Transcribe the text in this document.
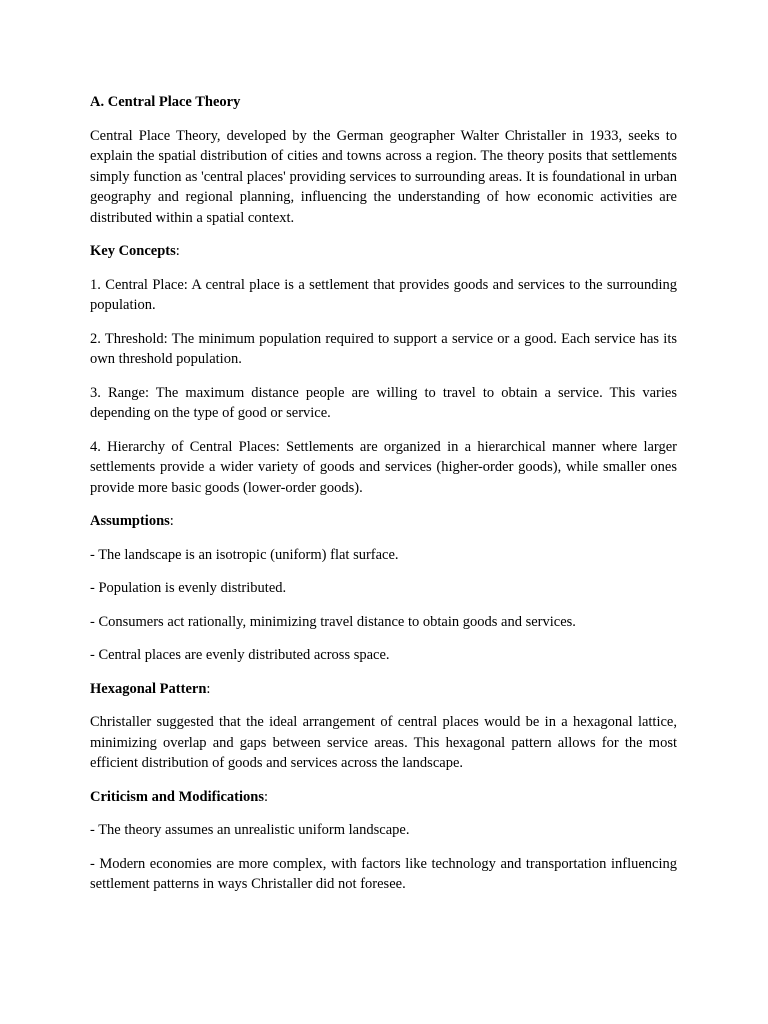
A. Central Place Theory

Central Place Theory, developed by the German geographer Walter Christaller in 1933, seeks to explain the spatial distribution of cities and towns across a region. The theory posits that settlements simply function as 'central places' providing services to surrounding areas. It is foundational in urban geography and regional planning, influencing the understanding of how economic activities are distributed within a spatial context.

Key Concepts:

1. Central Place: A central place is a settlement that provides goods and services to the surrounding population.

2. Threshold: The minimum population required to support a service or a good. Each service has its own threshold population.

3. Range: The maximum distance people are willing to travel to obtain a service. This varies depending on the type of good or service.

4. Hierarchy of Central Places: Settlements are organized in a hierarchical manner where larger settlements provide a wider variety of goods and services (higher-order goods), while smaller ones provide more basic goods (lower-order goods).

Assumptions:

- The landscape is an isotropic (uniform) flat surface.

- Population is evenly distributed.

- Consumers act rationally, minimizing travel distance to obtain goods and services.

- Central places are evenly distributed across space.

Hexagonal Pattern:

Christaller suggested that the ideal arrangement of central places would be in a hexagonal lattice, minimizing overlap and gaps between service areas. This hexagonal pattern allows for the most efficient distribution of goods and services across the landscape.

Criticism and Modifications:

- The theory assumes an unrealistic uniform landscape.

- Modern economies are more complex, with factors like technology and transportation influencing settlement patterns in ways Christaller did not foresee.
